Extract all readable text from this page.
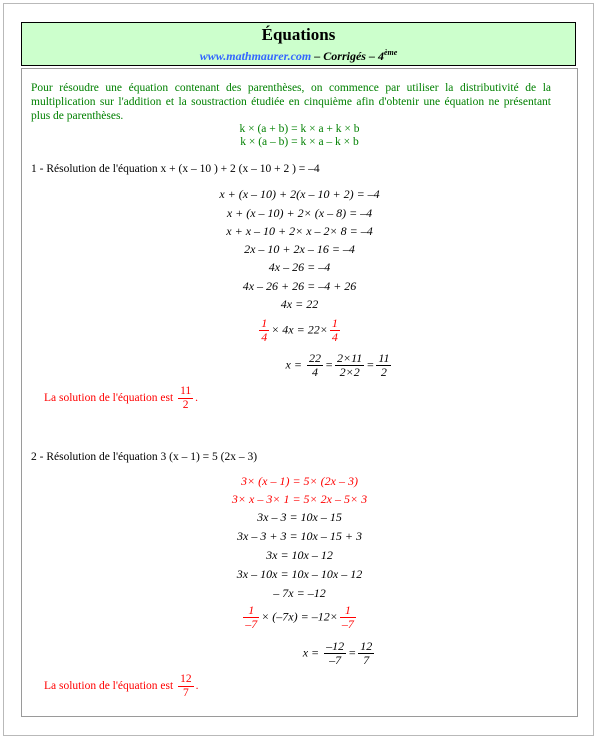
Équations
www.mathmaurer.com – Corrigés – 4ème
Pour résoudre une équation contenant des parenthèses, on commence par utiliser la distributivité de la multiplication sur l'addition et la soustraction étudiée en cinquième afin d'obtenir une équation ne présentant plus de parenthèses.
k × (a + b) = k × a + k × b
k × (a – b) = k × a – k × b
1 - Résolution de l'équation x + (x – 10 ) + 2 (x – 10 + 2 ) = –4
x + (x – 10) + 2(x – 10 + 2) = –4
x + (x – 10) + 2× (x – 8) = –4
x + x – 10 + 2× x – 2× 8 = –4
2x – 10 + 2x – 16 = –4
4x – 26 = –4
4x – 26 + 26 = –4 + 26
4x = 22
$\frac{1}{4} \times 4x = 22\times \frac{1}{4}$
$x = \frac{22}{4} = \frac{2\times 11}{2\times 2} = \frac{11}{2}$
La solution de l'équation est $\frac{11}{2}$ .
2 - Résolution de l'équation 3 (x – 1) = 5 (2x – 3)
3× (x – 1) = 5× (2x – 3)
3× x – 3× 1 = 5× 2x – 5× 3
3x – 3 = 10x – 15
3x – 3 + 3 = 10x – 15 + 3
3x = 10x – 12
3x – 10x = 10x – 10x – 12
– 7x = –12
$\frac{1}{-7} \times (-7x) = -12\times \frac{1}{-7}$
$x = \frac{-12}{-7} = \frac{12}{7}$
La solution de l'équation est $\frac{12}{7}$ .
